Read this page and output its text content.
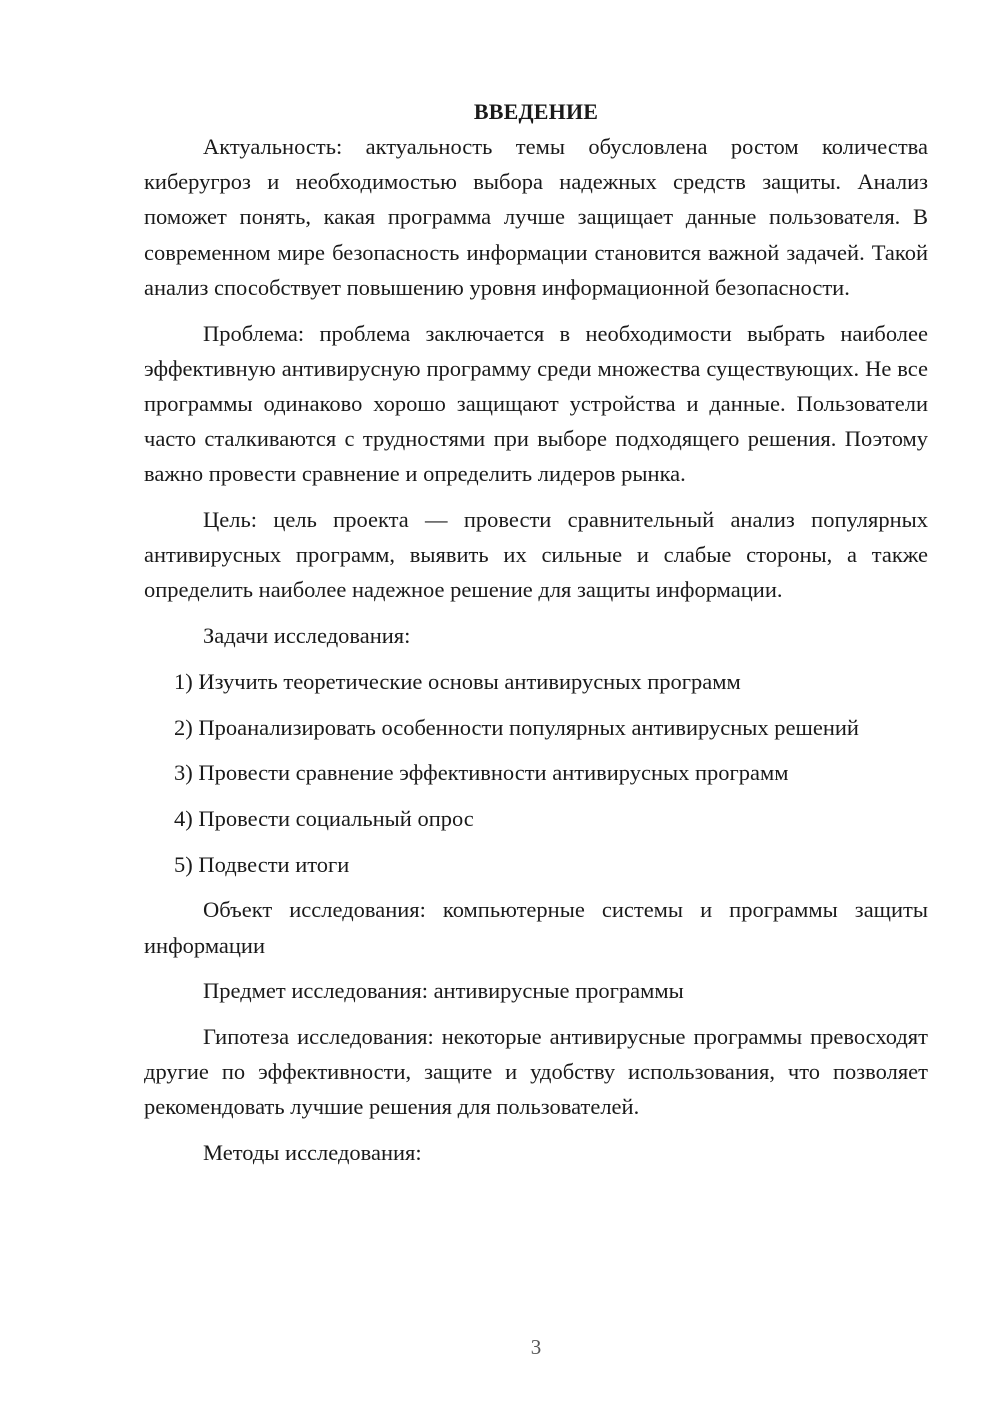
ВВЕДЕНИЕ

Актуальность: актуальность темы обусловлена ростом количества киберугроз и необходимостью выбора надежных средств защиты. Анализ поможет понять, какая программа лучше защищает данные пользователя. В современном мире безопасность информации становится важной задачей. Такой анализ способствует повышению уровня информационной безопасности.

Проблема: проблема заключается в необходимости выбрать наиболее эффективную антивирусную программу среди множества существующих. Не все программы одинаково хорошо защищают устройства и данные. Пользователи часто сталкиваются с трудностями при выборе подходящего решения. Поэтому важно провести сравнение и определить лидеров рынка.

Цель: цель проекта — провести сравнительный анализ популярных антивирусных программ, выявить их сильные и слабые стороны, а также определить наиболее надежное решение для защиты информации.

Задачи исследования:

1) Изучить теоретические основы антивирусных программ

2) Проанализировать особенности популярных антивирусных решений

3) Провести сравнение эффективности антивирусных программ

4) Провести социальный опрос

5) Подвести итоги

Объект исследования: компьютерные системы и программы защиты информации

Предмет исследования: антивирусные программы

Гипотеза исследования: некоторые антивирусные программы превосходят другие по эффективности, защите и удобству использования, что позволяет рекомендовать лучшие решения для пользователей.

Методы исследования:

3
